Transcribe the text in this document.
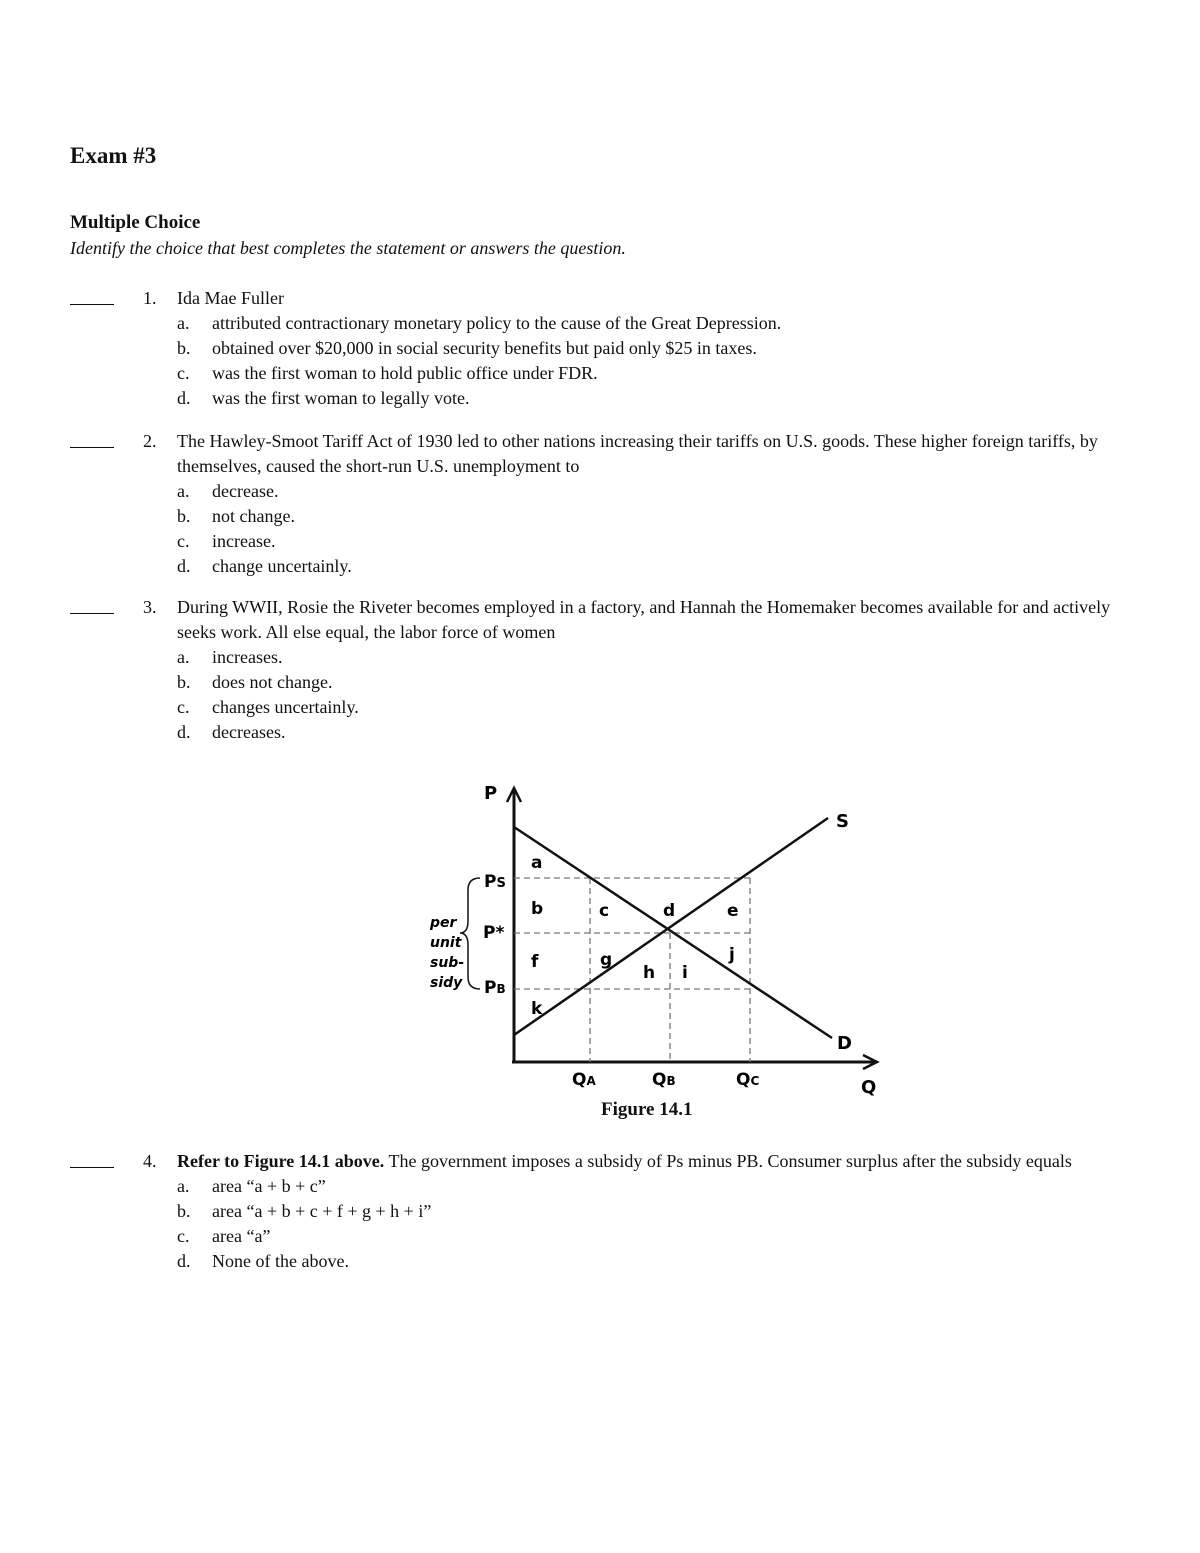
Exam #3
Multiple Choice
Identify the choice that best completes the statement or answers the question.
1. Ida Mae Fuller
a. attributed contractionary monetary policy to the cause of the Great Depression.
b. obtained over $20,000 in social security benefits but paid only $25 in taxes.
c. was the first woman to hold public office under FDR.
d. was the first woman to legally vote.
2. The Hawley-Smoot Tariff Act of 1930 led to other nations increasing their tariffs on U.S. goods. These higher foreign tariffs, by themselves, caused the short-run U.S. unemployment to
a. decrease.
b. not change.
c. increase.
d. change uncertainly.
3. During WWII, Rosie the Riveter becomes employed in a factory, and Hannah the Homemaker becomes available for and actively seeks work. All else equal, the labor force of women
a. increases.
b. does not change.
c. changes uncertainly.
d. decreases.
P
Q
S
D
PS
P*
PB
QA	QB	QC
per
unit
sub-
sidy
a
b	c	d	e
f	g
h i
j
k
Figure 14.1
4. Refer to Figure 14.1 above. The government imposes a subsidy of Ps minus PB. Consumer surplus after the subsidy equals
a. area “a + b + c”
b. area “a + b + c + f + g + h + i”
c. area “a”
d. None of the above.
